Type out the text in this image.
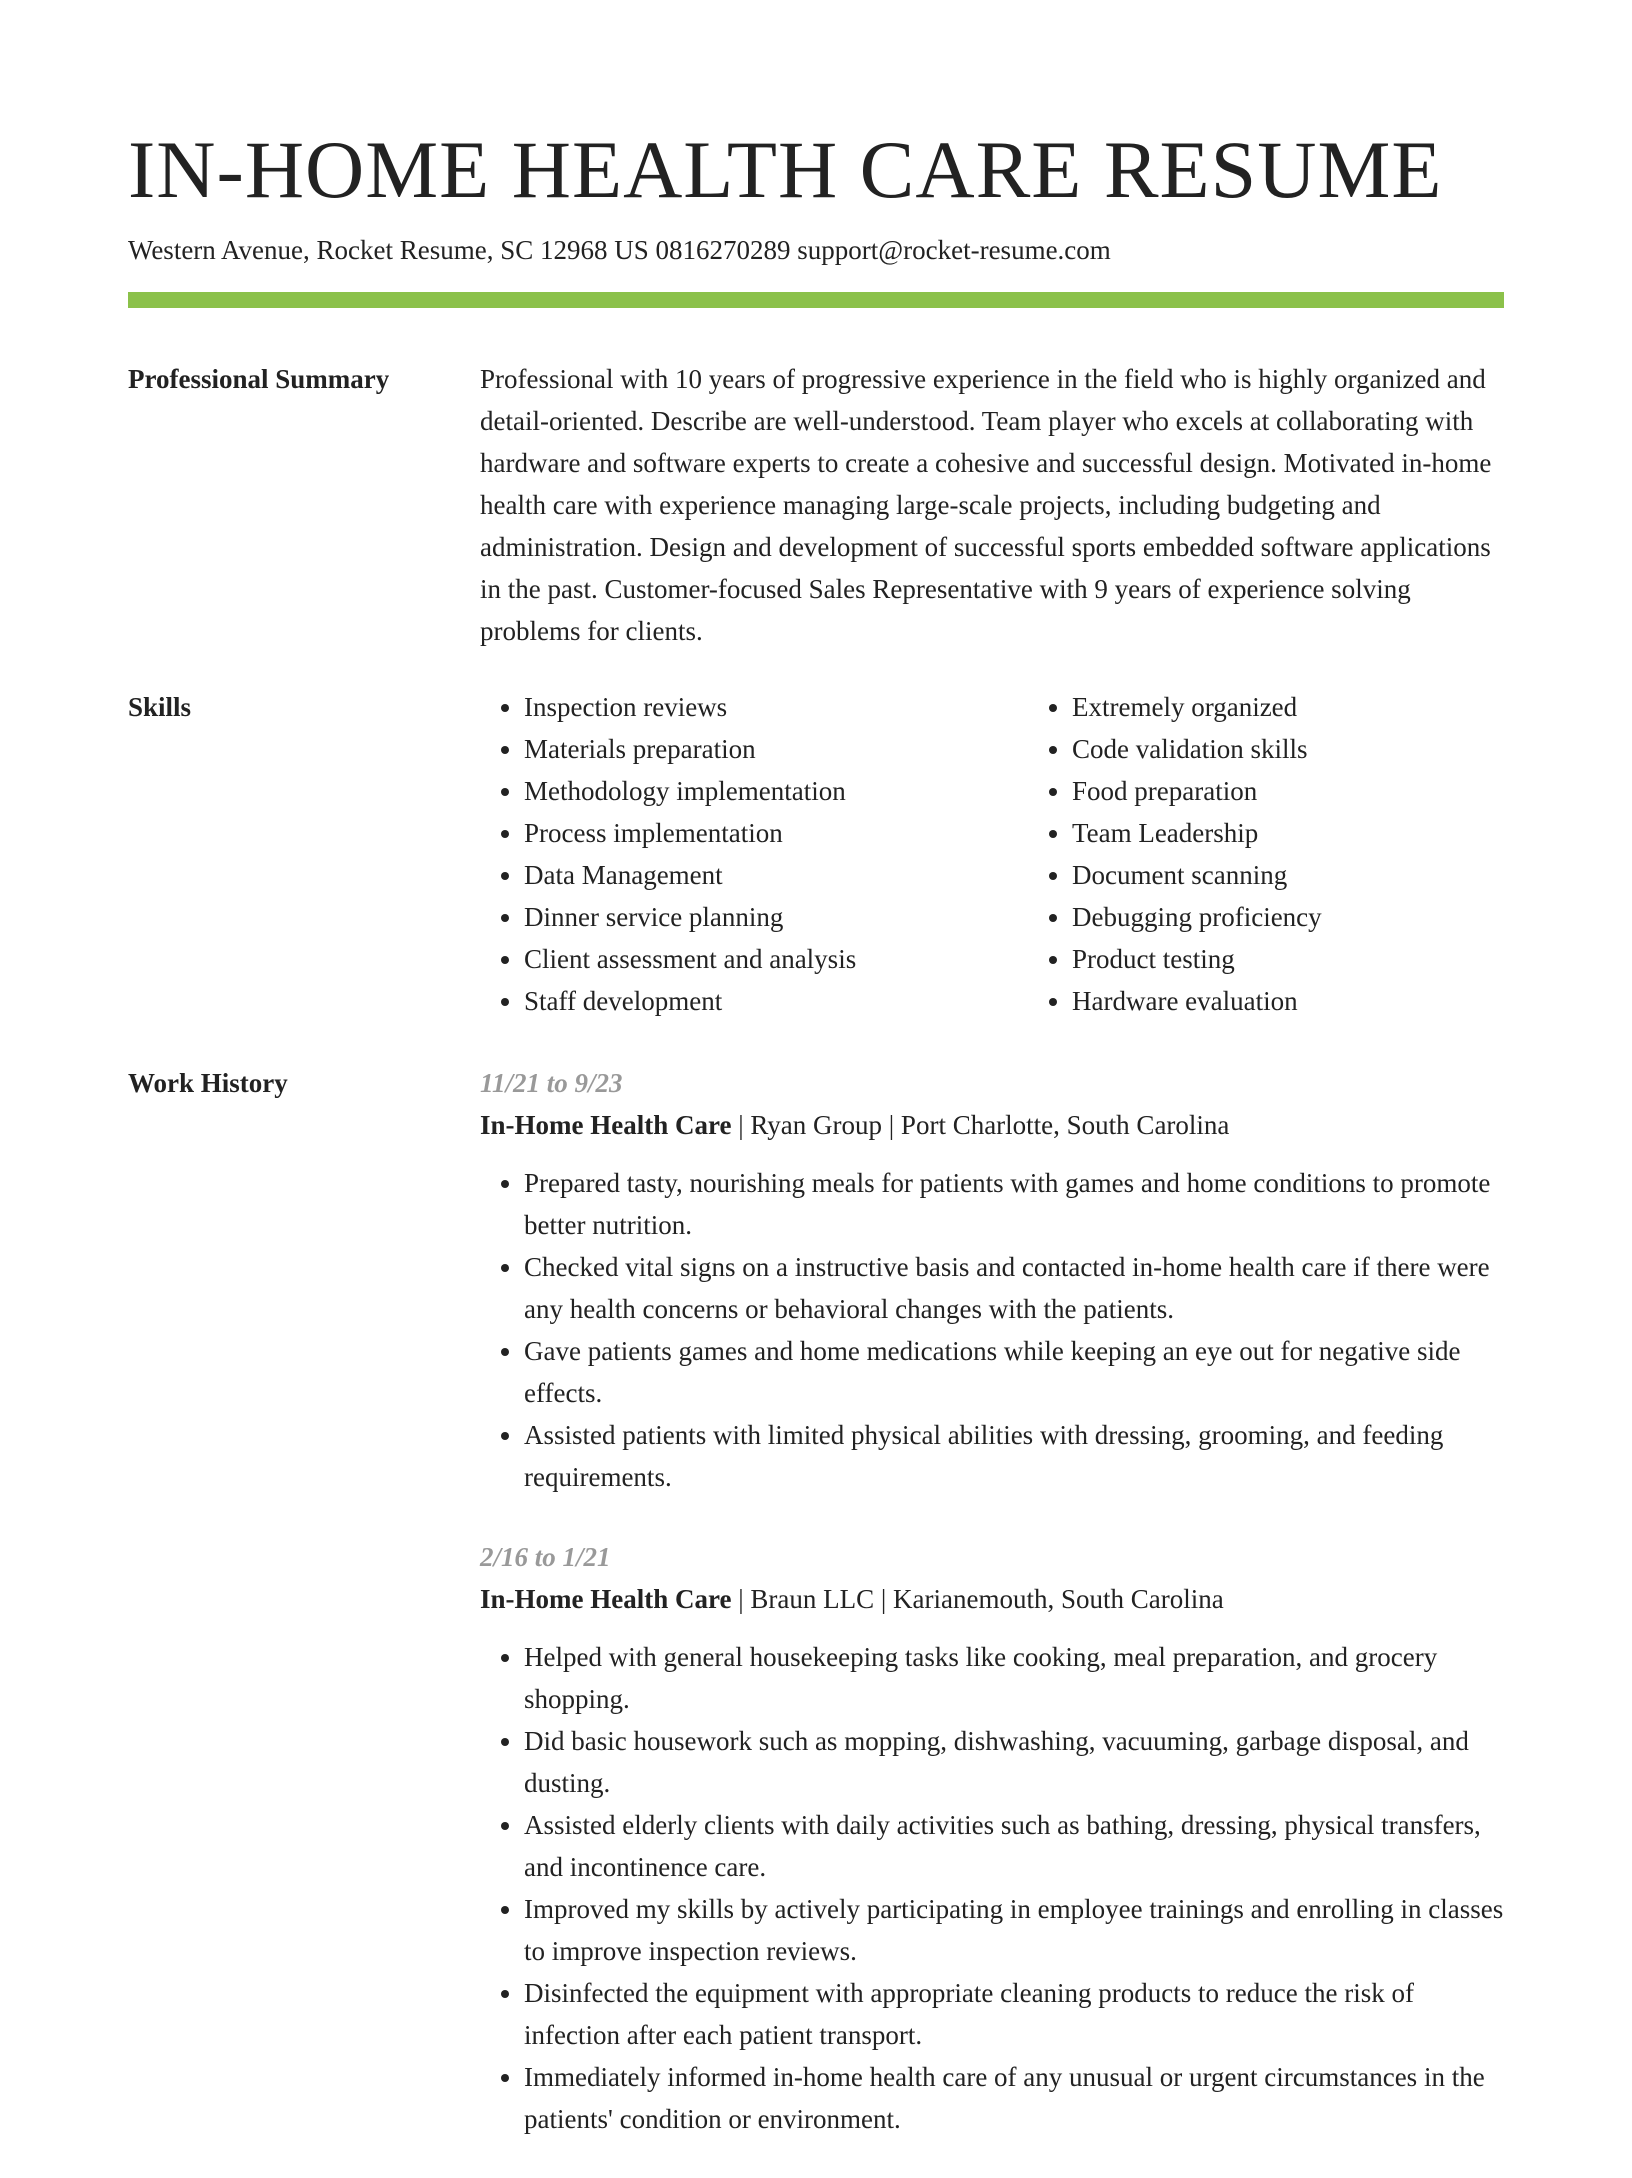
IN-HOME HEALTH CARE RESUME
Western Avenue, Rocket Resume, SC 12968 US 0816270289 support@rocket-resume.com
Professional Summary	Professional with 10 years of progressive experience in the field who is highly organized and detail-oriented. Describe are well-understood. Team player who excels at collaborating with hardware and software experts to create a cohesive and successful design. Motivated in-home health care with experience managing large-scale projects, including budgeting and administration. Design and development of successful sports embedded software applications in the past. Customer-focused Sales Representative with 9 years of experience solving problems for clients.

Skills
•	Inspection reviews
• Materials preparation
• Methodology implementation
• Process implementation
• Data Management
• Dinner service planning
• Client assessment and analysis
• Staff development
• Extremely organized
• Code validation skills
• Food preparation
• Team Leadership
• Document scanning
• Debugging proficiency
• Product testing
• Hardware evaluation
Work History	11/21 to 9/23
In-Home Health Care | Ryan Group | Port Charlotte, South Carolina
• Prepared tasty, nourishing meals for patients with games and home conditions to promote better nutrition.
• Checked vital signs on a instructive basis and contacted in-home health care if there were any health concerns or behavioral changes with the patients.
• Gave patients games and home medications while keeping an eye out for negative side effects.
• Assisted patients with limited physical abilities with dressing, grooming, and feeding requirements.
2/16 to 1/21
In-Home Health Care | Braun LLC | Karianemouth, South Carolina
• Helped with general housekeeping tasks like cooking, meal preparation, and grocery shopping.
• Did basic housework such as mopping, dishwashing, vacuuming, garbage disposal, and dusting.
• Assisted elderly clients with daily activities such as bathing, dressing, physical transfers, and incontinence care.
• Improved my skills by actively participating in employee trainings and enrolling in classes to improve inspection reviews.
• Disinfected the equipment with appropriate cleaning products to reduce the risk of infection after each patient transport.
• Immediately informed in-home health care of any unusual or urgent circumstances in the patients' condition or environment.
